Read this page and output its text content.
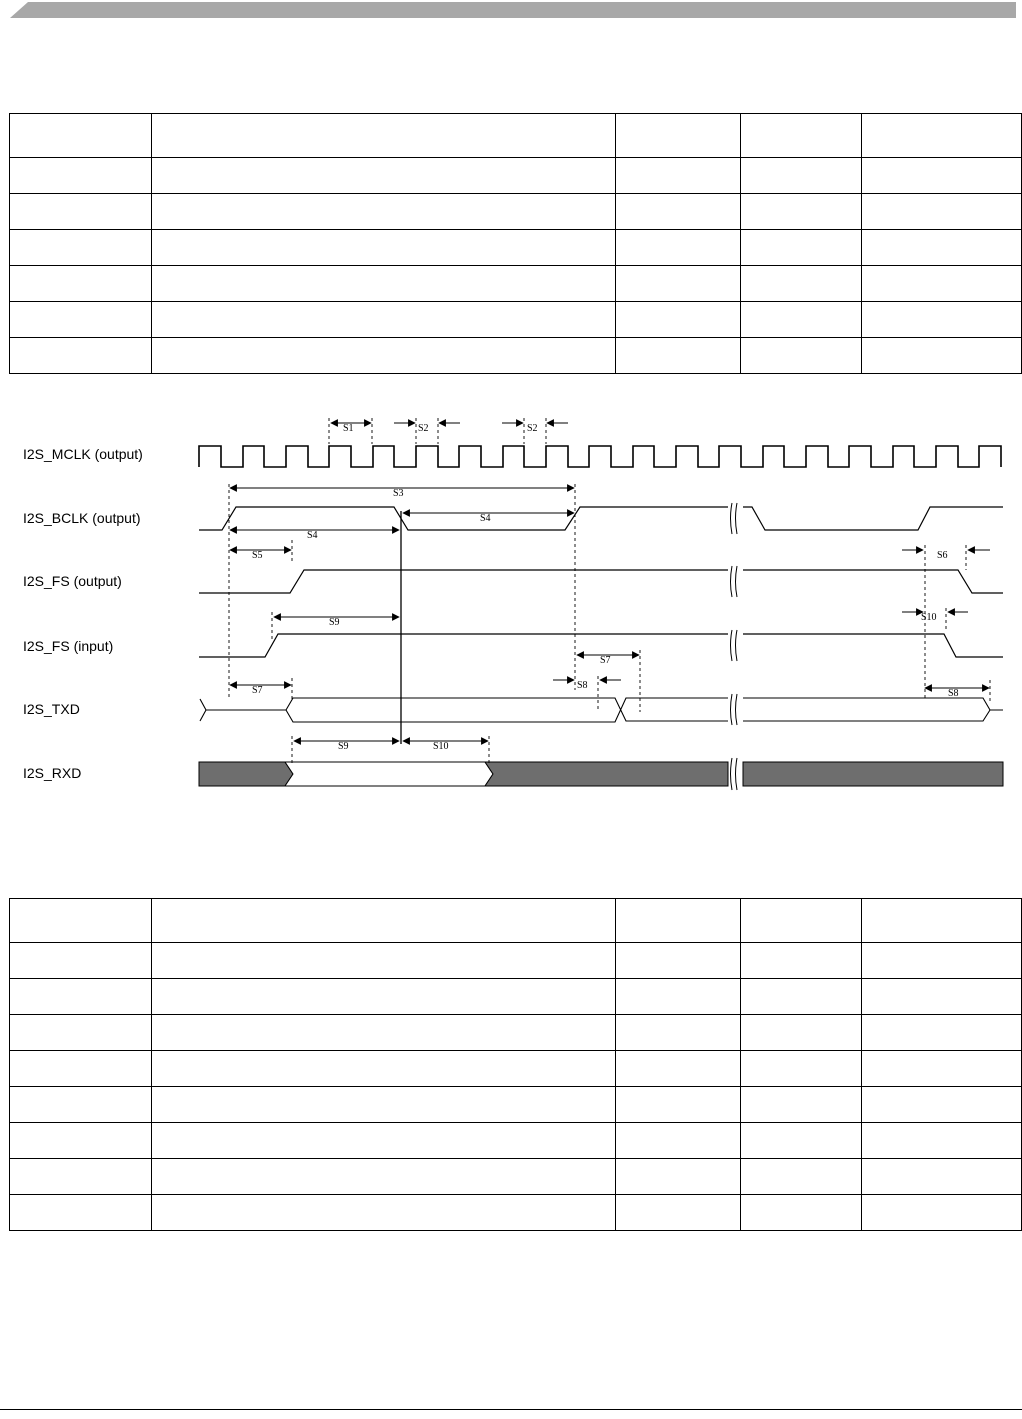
I2S_MCLK (output)
I2S_BCLK (output)
I2S_FS (output)
I2S_FS (input)
I2S_TXD
I2S_RXD
S1	S2	S2
S3
S4
S4
S5	S6
S9	S10
S7
S8
S7	S8
S9	S10
